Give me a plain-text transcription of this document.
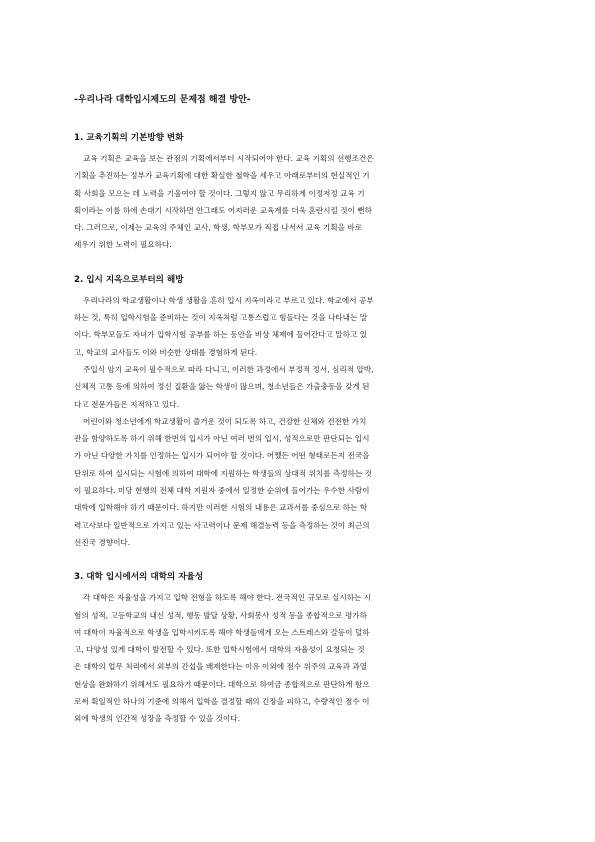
-우리나라 대학입시제도의 문제점 해결 방안-
1. 교육기획의 기본방향 변화

교육 기획은 교육을 보는 관점의 기획에서부터 시작되어야 한다. 교육 기획의 선행조건은
기획을 추진하는 정부가 교육기획에 대한 확실한 철학을 세우고 아래로부터의 현실적인 기
획 사회을 모으는 데 노력을 기울여야 할 것이다. 그렇지 않고 무리하게 이정저정 교육 기
획이라는 이름 하에 손대기 시작하면 안그래도 어지러운 교육계를 더욱 혼란시킬 것이 뻔하
다. 그러므로, 이제는 교육의 주체인 교사, 학생, 학부모가 직접 나서서 교육 기획을 바로
세우기 위한 노력이 필요하다.

2. 입시 지옥으로부터의 해방

우리나라의 학교생활이나 학생 생활을 흔히 입시 지옥이라고 부르고 있다. 학교에서 공부
하는 것, 특히 입학시험을 준비하는 것이 지옥처럼 고통스럽고 힘들다는 것을 나타내는 말
이다. 학부모들도 자녀가 입학시험 공부를 하는 동안을 비상 체제에 들어간다고 말하고 있
고, 학교의 교사들도 이와 비슷한 상태를 경험하게 된다.

주입식 암기 교육이 필수적으로 따라 다니고, 이러한 과정에서 부정적 정서, 심리적 압박,
신체적 고통 등에 의하여 정신 질환을 앓는 학생이 많으며, 청소년들은 가출충동을 갖게 된
다고 전문가들은 지적하고 있다.

어린이와 청소년에게 학교생활이 즐거운 것이 되도록 하고, 건강한 신체와 건전한 가치
관을 함양하도록 하기 위해 한번의 입시가 아닌 여러 번의 입시, 성적으로만 판단되는 입시
가 아닌 다양한 가치를 인정하는 입시가 되어야 할 것이다. 어쨌든 어떤 형태로든지 전국을
단위로 하여 실시되는 시험에 의하여 대학에 지원하는 학생들의 상대적 위치를 측정하는 것
이 필요하다. 미당 현행의 전체 대학 지원자 중에서 일정한 순위에 들어가는 우수한 사람이
대학에 입학해야 하기 때문이다. 하지만 이러한 시험의 내용은 교과서를 중심으로 하는 학
력고사보다 일반적으로 가지고 있는 사고력이나 문제 해결능력 등을 측정하는 것이 최근의
선진국 경향이다.

3. 대학 입시에서의 대학의 자율성

각 대학은 자율성을 가지고 입학 전형을 하도록 해야 한다. 전국적인 규모로 실시하는 시
험의 성적, 고등학교의 내신 성적, 행동 발달 상황, 사회봉사 성적 등을 종합적으로 평가하
여 대학이 자율적으로 학생을 입학시키도록 해야 학생들에게 오는 스트레스와 갈등이 덜하
고, 다양성 있게 대학이 발전할 수 있다. 또한 입학시험에서 대학의 자율성이 요청되는 것
은 대학의 업무 처리에서 외부의 간섭을 배제한다는 이유 이외에 점수 위주의 교육과 과열
현상을 완화하기 위해서도 필요하기 때문이다. 대학으로 하여금 종합적으로 판단하게 함으
로써 획일적인 하나의 기준에 의해서 입학을 결정할 때의 긴장을 피하고, 수량적인 점수 이
외에 학생의 인간적 성장을 측정할 수 있을 것이다.
